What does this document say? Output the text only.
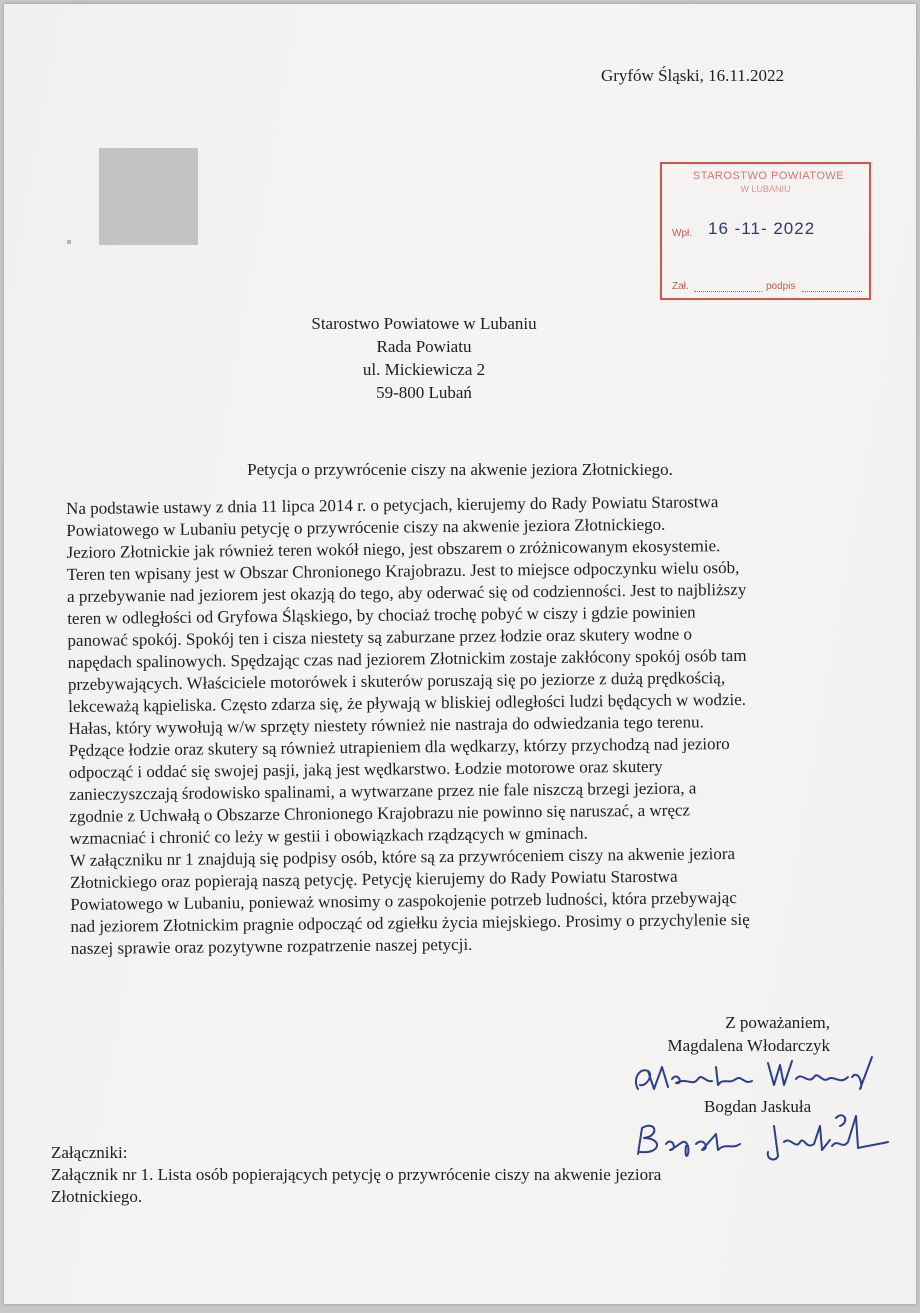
Gryfów Śląski, 16.11.2022
STAROSTWO POWIATOWE
W LUBANIU
Wpł. 16 -11- 2022
Zał.	podpis
Starostwo Powiatowe w Lubaniu
Rada Powiatu
ul. Mickiewicza 2
59-800 Lubań
Petycja o przywrócenie ciszy na akwenie jeziora Złotnickiego.

Na podstawie ustawy z dnia 11 lipca 2014 r. o petycjach, kierujemy do Rady Powiatu Starostwa

Powiatowego w Lubaniu petycję o przywrócenie ciszy na akwenie jeziora Złotnickiego.

Jezioro Złotnickie jak również teren wokół niego, jest obszarem o zróżnicowanym ekosystemie.

Teren ten wpisany jest w Obszar Chronionego Krajobrazu. Jest to miejsce odpoczynku wielu osób,

a przebywanie nad jeziorem jest okazją do tego, aby oderwać się od codzienności. Jest to najbliższy

teren w odległości od Gryfowa Śląskiego, by chociaż trochę pobyć w ciszy i gdzie powinien

panować spokój. Spokój ten i cisza niestety są zaburzane przez łodzie oraz skutery wodne o

napędach spalinowych. Spędzając czas nad jeziorem Złotnickim zostaje zakłócony spokój osób tam

przebywających. Właściciele motorówek i skuterów poruszają się po jeziorze z dużą prędkością,

lekceważą kąpieliska. Często zdarza się, że pływają w bliskiej odległości ludzi będących w wodzie.

Hałas, który wywołują w/w sprzęty niestety również nie nastraja do odwiedzania tego terenu.

Pędzące łodzie oraz skutery są również utrapieniem dla wędkarzy, którzy przychodzą nad jezioro

odpocząć i oddać się swojej pasji, jaką jest wędkarstwo. Łodzie motorowe oraz skutery

zanieczyszczają środowisko spalinami, a wytwarzane przez nie fale niszczą brzegi jeziora, a

zgodnie z Uchwałą o Obszarze Chronionego Krajobrazu nie powinno się naruszać, a wręcz

wzmacniać i chronić co leży w gestii i obowiązkach rządzących w gminach.

W załączniku nr 1 znajdują się podpisy osób, które są za przywróceniem ciszy na akwenie jeziora

Złotnickiego oraz popierają naszą petycję. Petycję kierujemy do Rady Powiatu Starostwa

Powiatowego w Lubaniu, ponieważ wnosimy o zaspokojenie potrzeb ludności, która przebywając

nad jeziorem Złotnickim pragnie odpocząć od zgiełku życia miejskiego. Prosimy o przychylenie się

naszej sprawie oraz pozytywne rozpatrzenie naszej petycji.

Z poważaniem,
Magdalena Włodarczyk
Bogdan Jaskuła

Załączniki:

Załącznik nr 1. Lista osób popierających petycję o przywrócenie ciszy na akwenie jeziora

Złotnickiego.
